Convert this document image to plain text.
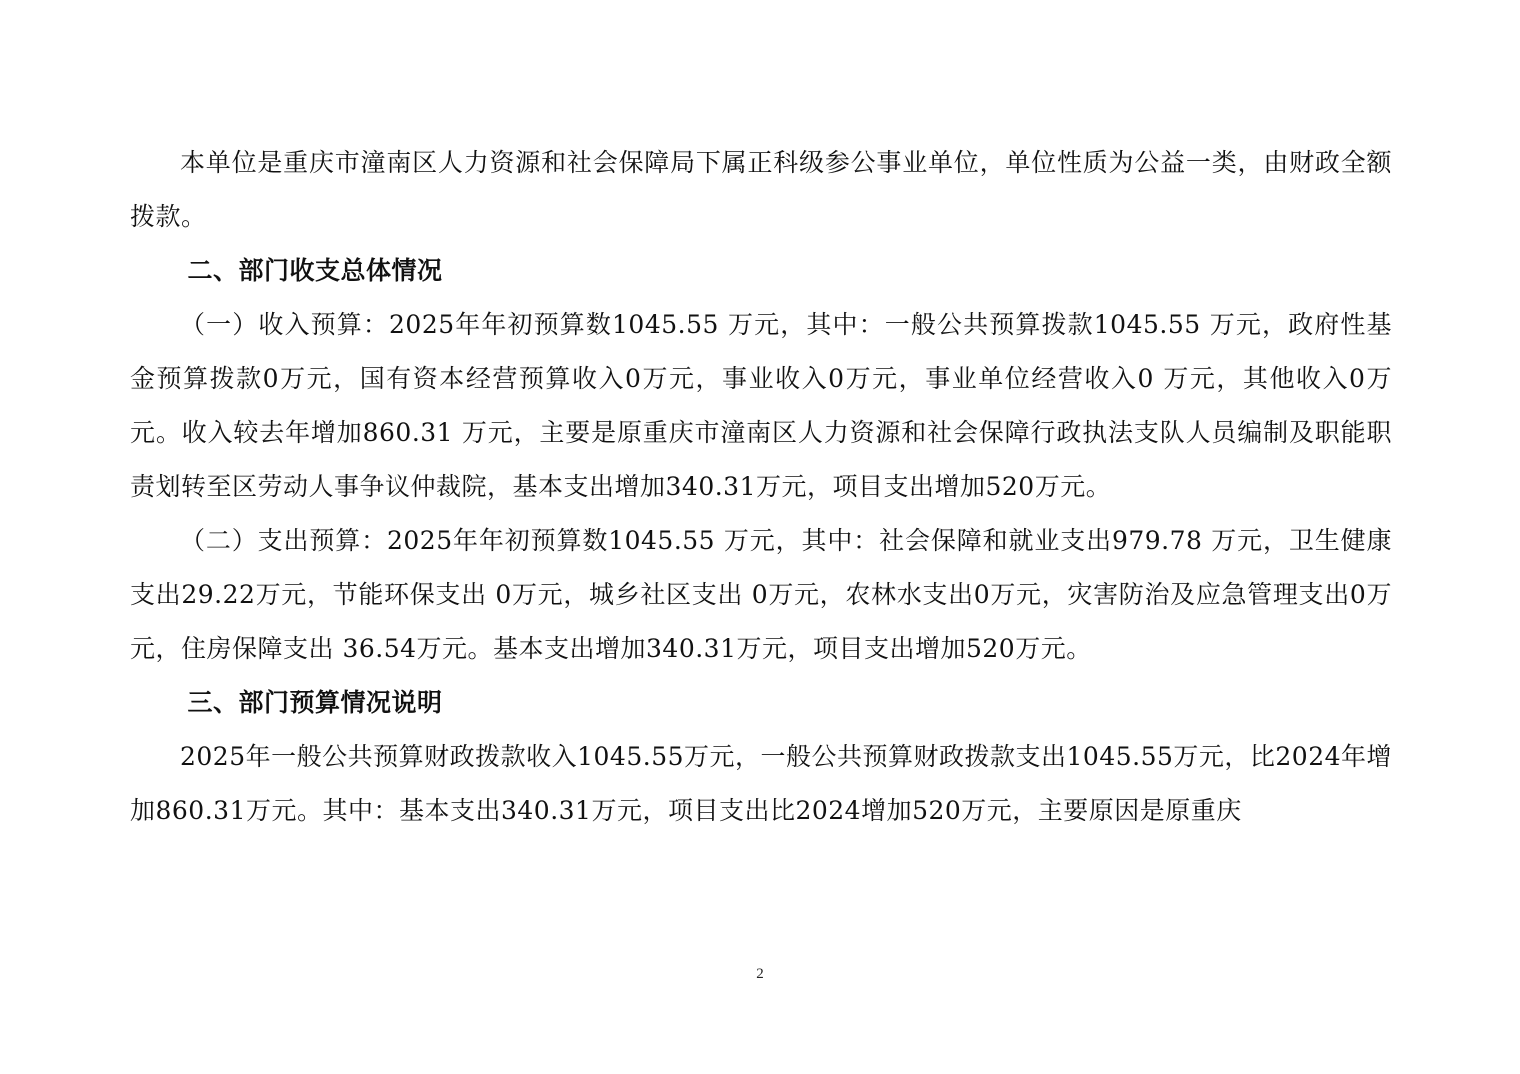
本单位是重庆市潼南区人力资源和社会保障局下属正科级参公事业单位，单位性质为公益一类，由财政全额拨款。

二、部门收支总体情况

（一）收入预算：2025年年初预算数1045.55 万元，其中：一般公共预算拨款1045.55 万元，政府性基金预算拨款0万元，国有资本经营预算收入0万元，事业收入0万元，事业单位经营收入0 万元，其他收入0万元。收入较去年增加860.31 万元，主要是原重庆市潼南区人力资源和社会保障行政执法支队人员编制及职能职责划转至区劳动人事争议仲裁院，基本支出增加340.31万元，项目支出增加520万元。

（二）支出预算：2025年年初预算数1045.55 万元，其中：社会保障和就业支出979.78 万元，卫生健康支出29.22万元，节能环保支出 0万元，城乡社区支出 0万元，农林水支出0万元，灾害防治及应急管理支出0万元，住房保障支出 36.54万元。基本支出增加340.31万元，项目支出增加520万元。

三、部门预算情况说明

2025年一般公共预算财政拨款收入1045.55万元，一般公共预算财政拨款支出1045.55万元，比2024年增加860.31万元。其中：基本支出340.31万元，项目支出比2024增加520万元，主要原因是原重庆

2
